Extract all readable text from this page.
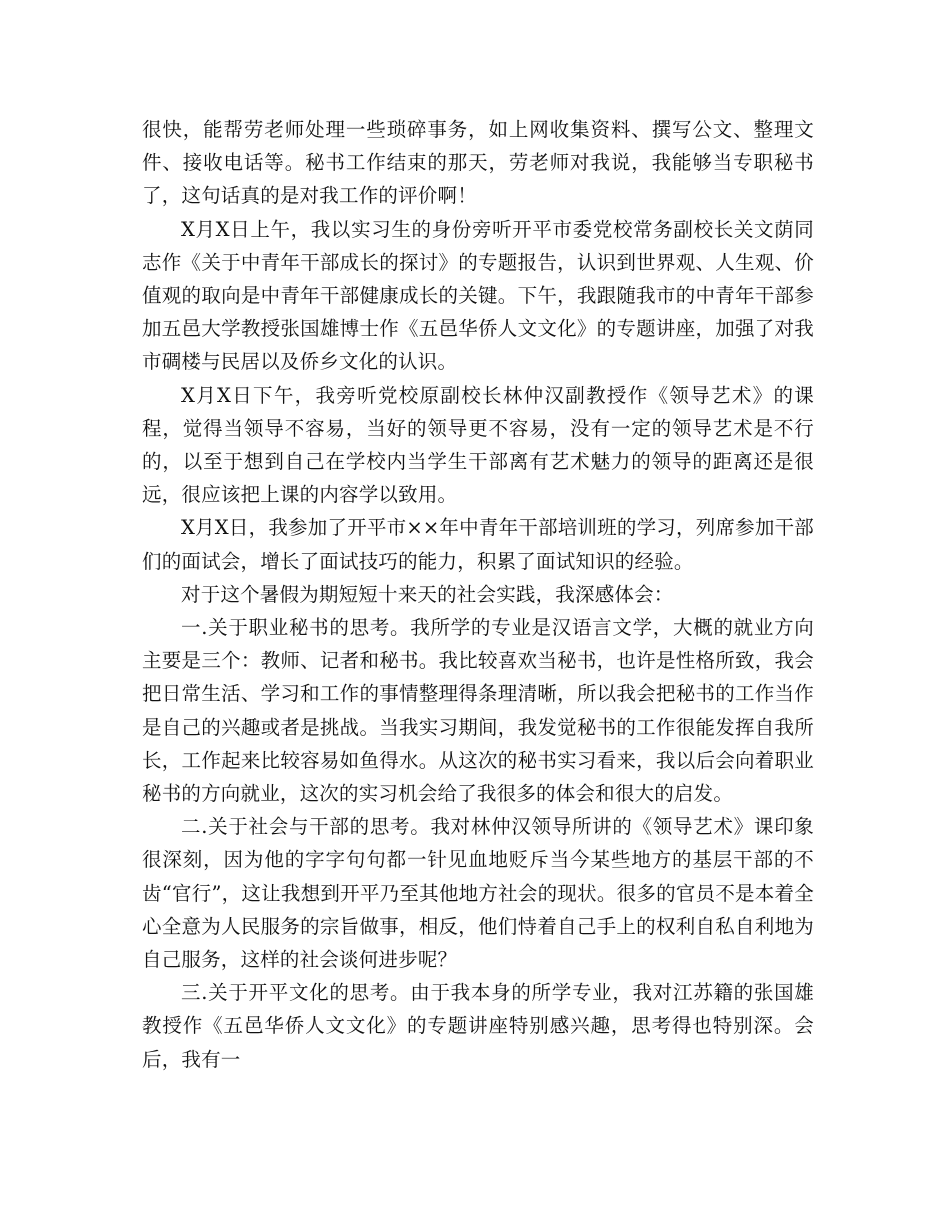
很快，能帮劳老师处理一些琐碎事务，如上网收集资料、撰写公文、整理文件、接收电话等。秘书工作结束的那天，劳老师对我说，我能够当专职秘书了，这句话真的是对我工作的评价啊！
X月X日上午，我以实习生的身份旁听开平市委党校常务副校长关文荫同志作《关于中青年干部成长的探讨》的专题报告，认识到世界观、人生观、价值观的取向是中青年干部健康成长的关键。下午，我跟随我市的中青年干部参加五邑大学教授张国雄博士作《五邑华侨人文文化》的专题讲座，加强了对我市碉楼与民居以及侨乡文化的认识。
X月X日下午，我旁听党校原副校长林仲汉副教授作《领导艺术》的课程，觉得当领导不容易，当好的领导更不容易，没有一定的领导艺术是不行的，以至于想到自己在学校内当学生干部离有艺术魅力的领导的距离还是很远，很应该把上课的内容学以致用。
X月X日，我参加了开平市××年中青年干部培训班的学习，列席参加干部们的面试会，增长了面试技巧的能力，积累了面试知识的经验。
对于这个暑假为期短短十来天的社会实践，我深感体会：
一.关于职业秘书的思考。我所学的专业是汉语言文学，大概的就业方向主要是三个：教师、记者和秘书。我比较喜欢当秘书，也许是性格所致，我会把日常生活、学习和工作的事情整理得条理清晰，所以我会把秘书的工作当作是自己的兴趣或者是挑战。当我实习期间，我发觉秘书的工作很能发挥自我所长，工作起来比较容易如鱼得水。从这次的秘书实习看来，我以后会向着职业秘书的方向就业，这次的实习机会给了我很多的体会和很大的启发。
二.关于社会与干部的思考。我对林仲汉领导所讲的《领导艺术》课印象很深刻，因为他的字字句句都一针见血地贬斥当今某些地方的基层干部的不齿“官行”，这让我想到开平乃至其他地方社会的现状。很多的官员不是本着全心全意为人民服务的宗旨做事，相反，他们恃着自己手上的权利自私自利地为自己服务，这样的社会谈何进步呢？
三.关于开平文化的思考。由于我本身的所学专业，我对江苏籍的张国雄教授作《五邑华侨人文文化》的专题讲座特别感兴趣，思考得也特别深。会后，我有一
